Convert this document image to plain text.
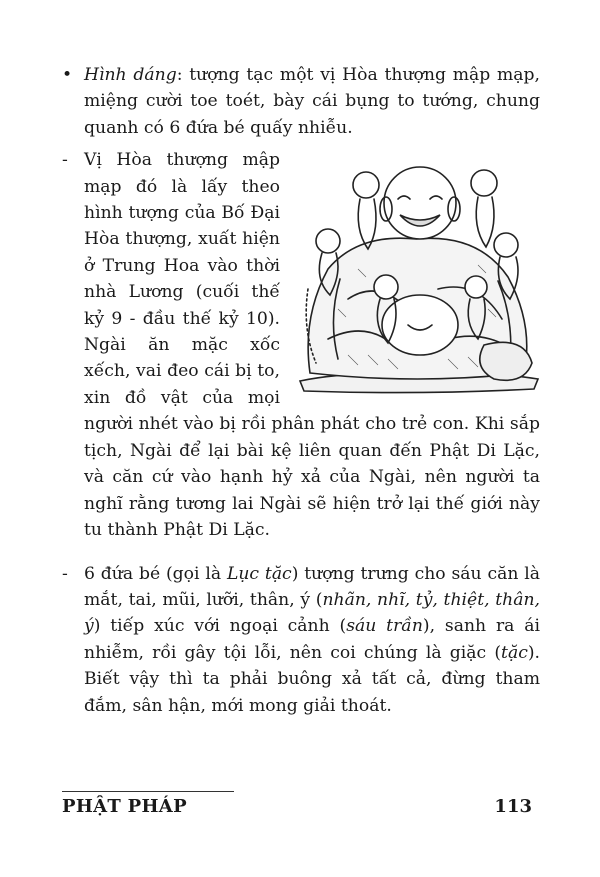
• Hình dáng: tượng tạc một vị Hòa thượng mập mạp, miệng cười toe toét, bày cái bụng to tướng, chung quanh có 6 đứa bé quấy nhiễu.

- Vị Hòa thượng mập mạp đó là lấy theo hình tượng của Bố Đại Hòa thượng, xuất hiện ở Trung Hoa vào thời nhà Lương (cuối thế kỷ 9 - đầu thế kỷ 10). Ngài ăn mặc xốc xếch, vai đeo cái bị to, xin đồ vật của mọi người nhét vào bị rồi phân phát cho trẻ con. Khi sắp tịch, Ngài để lại bài kệ liên quan đến Phật Di Lặc, và căn cứ vào hạnh hỷ xả của Ngài, nên người ta nghĩ rằng tương lai Ngài sẽ hiện trở lại thế giới này tu thành Phật Di Lặc.

- 6 đứa bé (gọi là Lục tặc) tượng trưng cho sáu căn là mắt, tai, mũi, lưỡi, thân, ý (nhãn, nhĩ, tỷ, thiệt, thân, ý) tiếp xúc với ngoại cảnh (sáu trần), sanh ra ái nhiễm, rồi gây tội lỗi, nên coi chúng là giặc (tặc). Biết vậy thì ta phải buông xả tất cả, đừng tham đắm, sân hận, mới mong giải thoát.

PHẬT PHÁP	113
